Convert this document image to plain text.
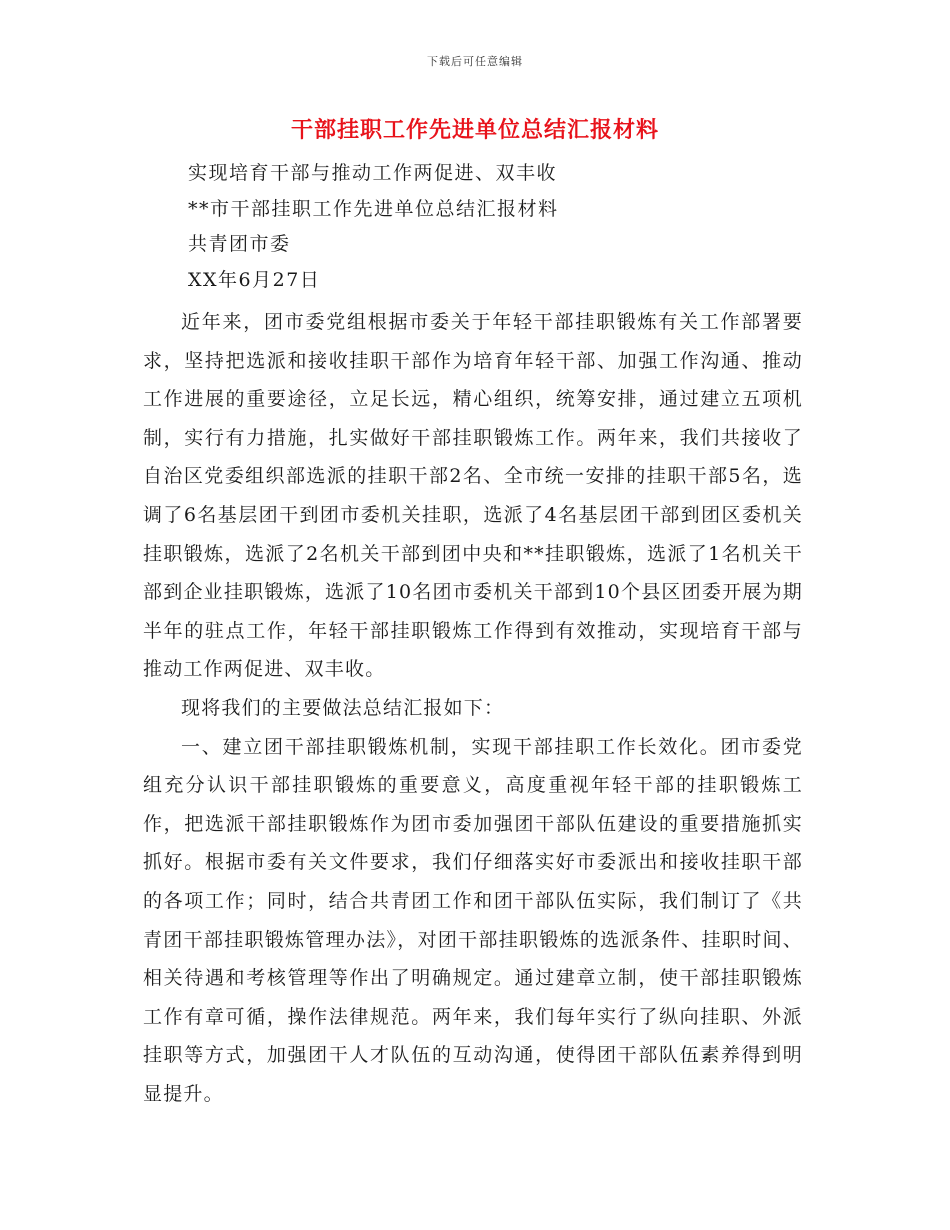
下载后可任意编辑
干部挂职工作先进单位总结汇报材料
实现培育干部与推动工作两促进、双丰收
**市干部挂职工作先进单位总结汇报材料
共青团市委
XX年6月27日

近年来，团市委党组根据市委关于年轻干部挂职锻炼有关工作部署要求，坚持把选派和接收挂职干部作为培育年轻干部、加强工作沟通、推动工作进展的重要途径，立足长远，精心组织，统筹安排，通过建立五项机制，实行有力措施，扎实做好干部挂职锻炼工作。两年来，我们共接收了自治区党委组织部选派的挂职干部2名、全市统一安排的挂职干部5名，选调了6名基层团干到团市委机关挂职，选派了4名基层团干部到团区委机关挂职锻炼，选派了2名机关干部到团中央和**挂职锻炼，选派了1名机关干部到企业挂职锻炼，选派了10名团市委机关干部到10个县区团委开展为期半年的驻点工作，年轻干部挂职锻炼工作得到有效推动，实现培育干部与推动工作两促进、双丰收。

现将我们的主要做法总结汇报如下：

一、建立团干部挂职锻炼机制，实现干部挂职工作长效化。团市委党组充分认识干部挂职锻炼的重要意义，高度重视年轻干部的挂职锻炼工作，把选派干部挂职锻炼作为团市委加强团干部队伍建设的重要措施抓实抓好。根据市委有关文件要求，我们仔细落实好市委派出和接收挂职干部的各项工作；同时，结合共青团工作和团干部队伍实际，我们制订了《共青团干部挂职锻炼管理办法》，对团干部挂职锻炼的选派条件、挂职时间、相关待遇和考核管理等作出了明确规定。通过建章立制，使干部挂职锻炼工作有章可循，操作法律规范。两年来，我们每年实行了纵向挂职、外派挂职等方式，加强团干人才队伍的互动沟通，使得团干部队伍素养得到明显提升。
